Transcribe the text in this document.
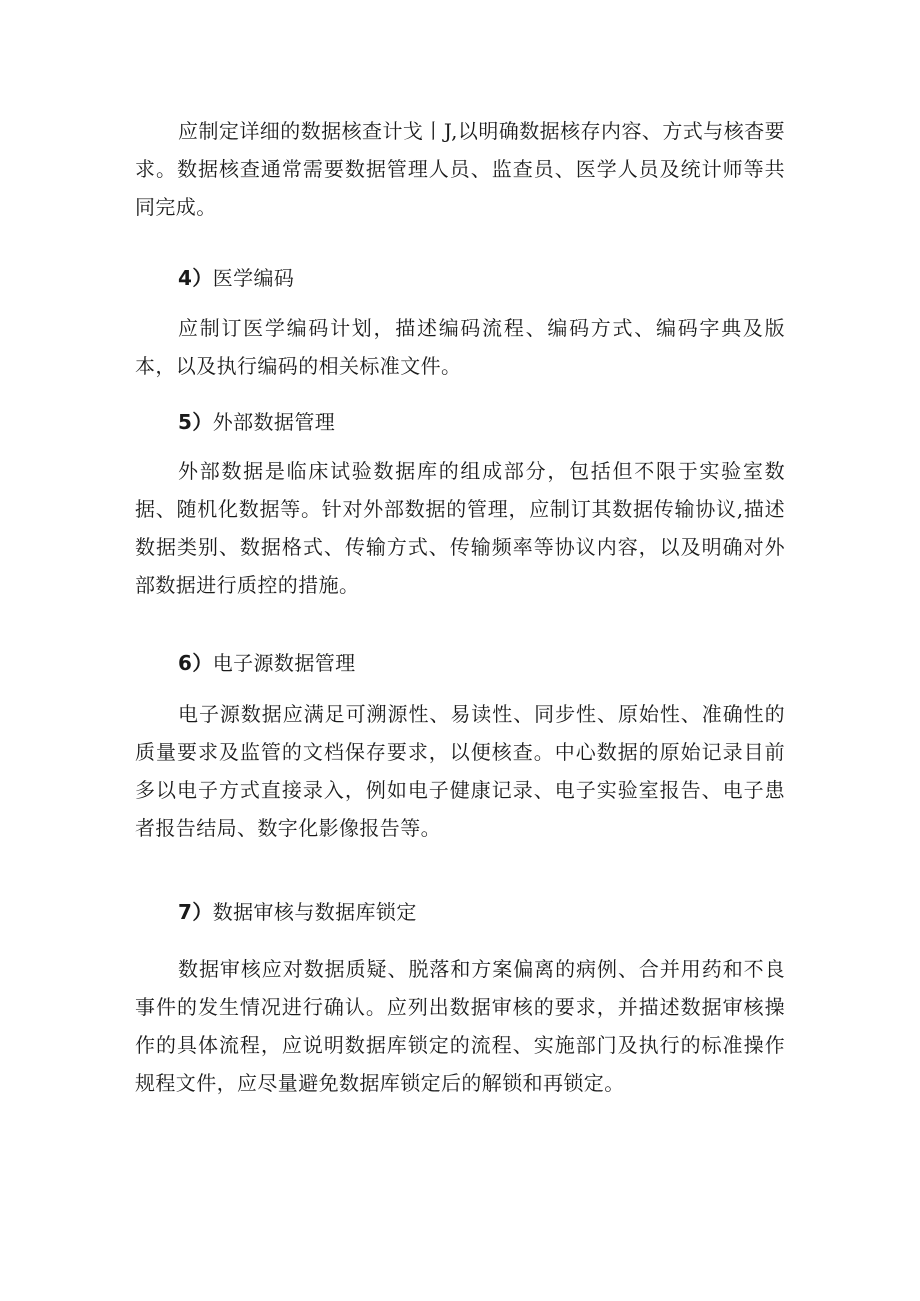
应制定详细的数据核查计戈丨J,以明确数据核存内容、方式与核杳要求。数据核查通常需要数据管理人员、监查员、医学人员及统计师等共同完成。

4）医学编码

应制订医学编码计划，描述编码流程、编码方式、编码字典及版本，以及执行编码的相关标准文件。

5）外部数据管理

外部数据是临床试验数据库的组成部分，包括但不限于实验室数据、随机化数据等。针对外部数据的管理，应制订其数据传输协议,描述数据类别、数据格式、传输方式、传输频率等协议内容，以及明确对外部数据进行质控的措施。

6）电子源数据管理

电子源数据应满足可溯源性、易读性、同步性、原始性、准确性的质量要求及监管的文档保存要求，以便核查。中心数据的原始记录目前多以电子方式直接录入，例如电子健康记录、电子实验室报告、电子患者报告结局、数字化影像报告等。

7）数据审核与数据库锁定

数据审核应对数据质疑、脱落和方案偏离的病例、合并用药和不良事件的发生情况进行确认。应列出数据审核的要求，并描述数据审核操作的具体流程，应说明数据库锁定的流程、实施部门及执行的标准操作规程文件，应尽量避免数据库锁定后的解锁和再锁定。
